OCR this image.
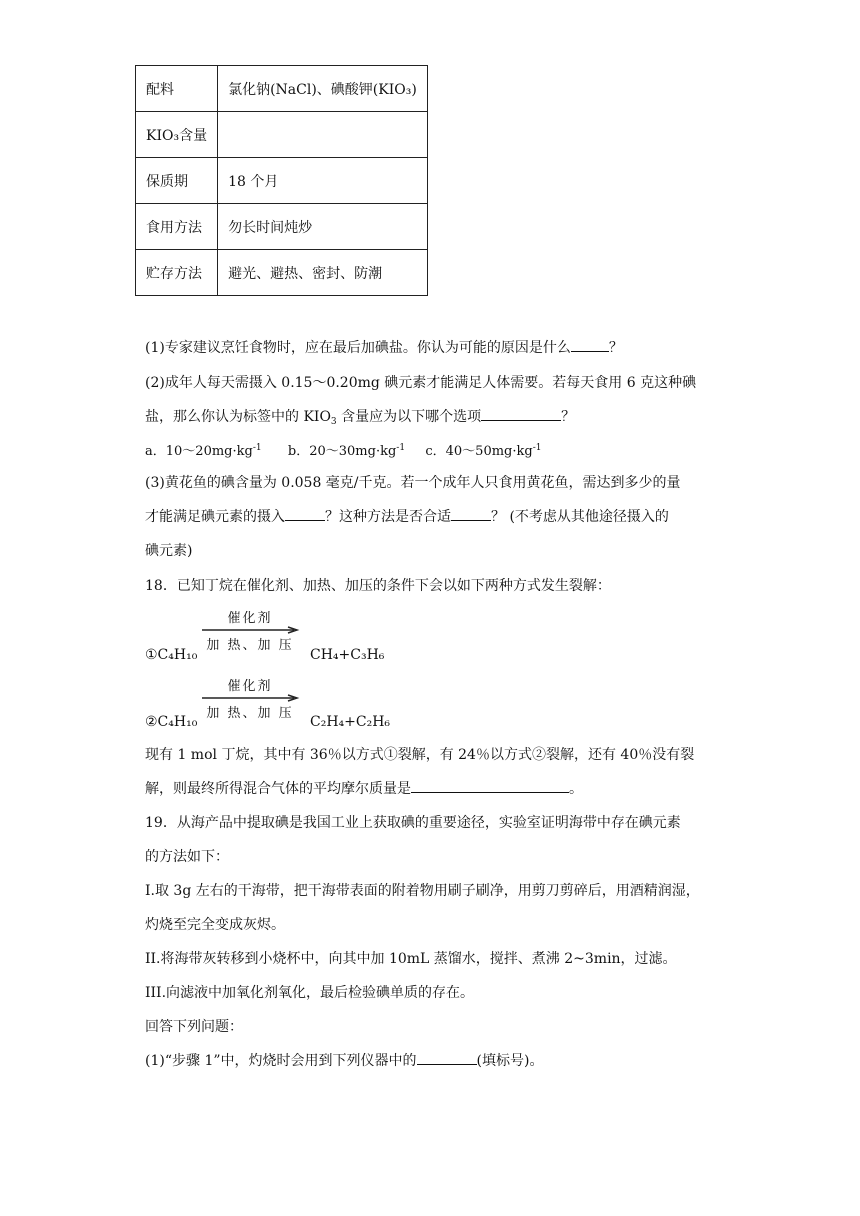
配料	氯化钠(NaCl)、碘酸钾(KIO₃)
KIO₃含量	
保质期	18 个月
食用方法	勿长时间炖炒
贮存方法	避光、避热、密封、防潮
(1)专家建议烹饪食物时，应在最后加碘盐。你认为可能的原因是什么	？
(2)成年人每天需摄入 0.15～0.20mg 碘元素才能满足人体需要。若每天食用 6 克这种碘
盐，那么你认为标签中的 $KIO_3$ 含量应为以下哪个选项	？
a．$10\sim 20mg\cdot kg^{-1}$ b．$20\sim 30mg\cdot kg^{-1}$ c．$40\sim 50mg\cdot kg^{-1}$
(3)黄花鱼的碘含量为 0.058 毫克/千克。若一个成年人只食用黄花鱼，需达到多少的量
才能满足碘元素的摄入	？这种方法是否合适	？ (不考虑从其他途径摄入的
碘元素)
18．已知丁烷在催化剂、加热、加压的条件下会以如下两种方式发生裂解：
催化剂
加 热、加 压
①C₄H₁₀	CH₄+C₃H₆
催化剂
加 热、加 压
②C₄H₁₀	C₂H₄+C₂H₆
现有 1 mol 丁烷，其中有 36％以方式①裂解，有 24％以方式②裂解，还有 40％没有裂
解，则最终所得混合气体的平均摩尔质量是	。
19．从海产品中提取碘是我国工业上获取碘的重要途径，实验室证明海带中存在碘元素
的方法如下：
I.取 3g 左右的干海带，把干海带表面的附着物用刷子刷净，用剪刀剪碎后，用酒精润湿，
灼烧至完全变成灰烬。
II.将海带灰转移到小烧杯中，向其中加 10mL 蒸馏水，搅拌、煮沸 2~3min，过滤。
III.向滤液中加氧化剂氧化，最后检验碘单质的存在。
回答下列问题：
(1)“步骤 1”中，灼烧时会用到下列仪器中的	(填标号)。
